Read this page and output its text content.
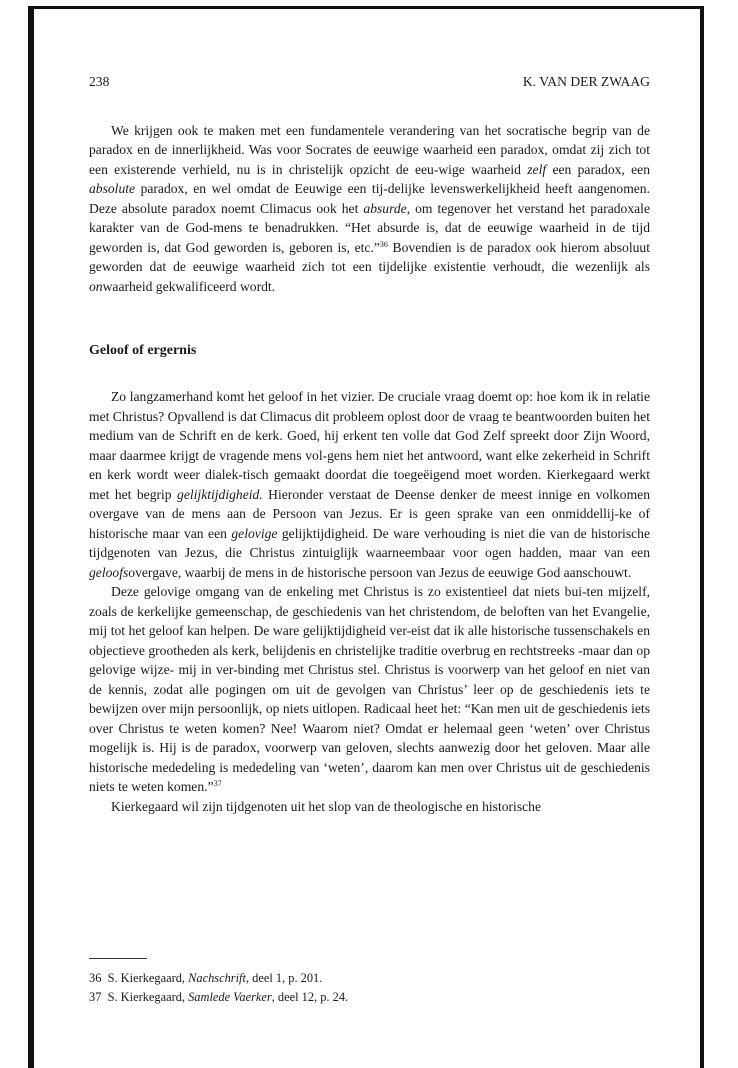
238	K. VAN DER ZWAAG

We krijgen ook te maken met een fundamentele verandering van het socratische begrip van de paradox en de innerlijkheid. Was voor Socrates de eeuwige waarheid een paradox, omdat zij zich tot een existerende verhield, nu is in christelijk opzicht de eeu-wige waarheid zelf een paradox, een absolute paradox, en wel omdat de Eeuwige een tij-delijke levenswerkelijkheid heeft aangenomen. Deze absolute paradox noemt Climacus ook het absurde, om tegenover het verstand het paradoxale karakter van de God-mens te benadrukken. “Het absurde is, dat de eeuwige waarheid in de tijd geworden is, dat God geworden is, geboren is, etc.”$^{36}$ Bovendien is de paradox ook hierom absoluut geworden dat de eeuwige waarheid zich tot een tijdelijke existentie verhoudt, die wezenlijk als onwaarheid gekwalificeerd wordt.

Geloof of ergernis

Zo langzamerhand komt het geloof in het vizier. De cruciale vraag doemt op: hoe kom ik in relatie met Christus? Opvallend is dat Climacus dit probleem oplost door de vraag te beantwoorden buiten het medium van de Schrift en de kerk. Goed, hij erkent ten volle dat God Zelf spreekt door Zijn Woord, maar daarmee krijgt de vragende mens vol-gens hem niet het antwoord, want elke zekerheid in Schrift en kerk wordt weer dialek-tisch gemaakt doordat die toegeëigend moet worden. Kierkegaard werkt met het begrip gelijktijdigheid. Hieronder verstaat de Deense denker de meest innige en volkomen overgave van de mens aan de Persoon van Jezus. Er is geen sprake van een onmiddellij-ke of historische maar van een gelovige gelijktijdigheid. De ware verhouding is niet die van de historische tijdgenoten van Jezus, die Christus zintuiglijk waarneembaar voor ogen hadden, maar van een geloofsovergave, waarbij de mens in de historische persoon van Jezus de eeuwige God aanschouwt.

Deze gelovige omgang van de enkeling met Christus is zo existentieel dat niets bui-ten mijzelf, zoals de kerkelijke gemeenschap, de geschiedenis van het christendom, de beloften van het Evangelie, mij tot het geloof kan helpen. De ware gelijktijdigheid ver-eist dat ik alle historische tussenschakels en objectieve grootheden als kerk, belijdenis en christelijke traditie overbrug en rechtstreeks -maar dan op gelovige wijze- mij in ver-binding met Christus stel. Christus is voorwerp van het geloof en niet van de kennis, zodat alle pogingen om uit de gevolgen van Christus’ leer op de geschiedenis iets te bewijzen over mijn persoonlijk, op niets uitlopen. Radicaal heet het: “Kan men uit de geschiedenis iets over Christus te weten komen? Nee! Waarom niet? Omdat er helemaal geen ‘weten’ over Christus mogelijk is. Hij is de paradox, voorwerp van geloven, slechts aanwezig door het geloven. Maar alle historische mededeling is mededeling van ‘weten’, daarom kan men over Christus uit de geschiedenis niets te weten komen.”$^{37}$

Kierkegaard wil zijn tijdgenoten uit het slop van de theologische en historische

36 S. Kierkegaard, Nachschrift, deel 1, p. 201.

37 S. Kierkegaard, Samlede Vaerker, deel 12, p. 24.
